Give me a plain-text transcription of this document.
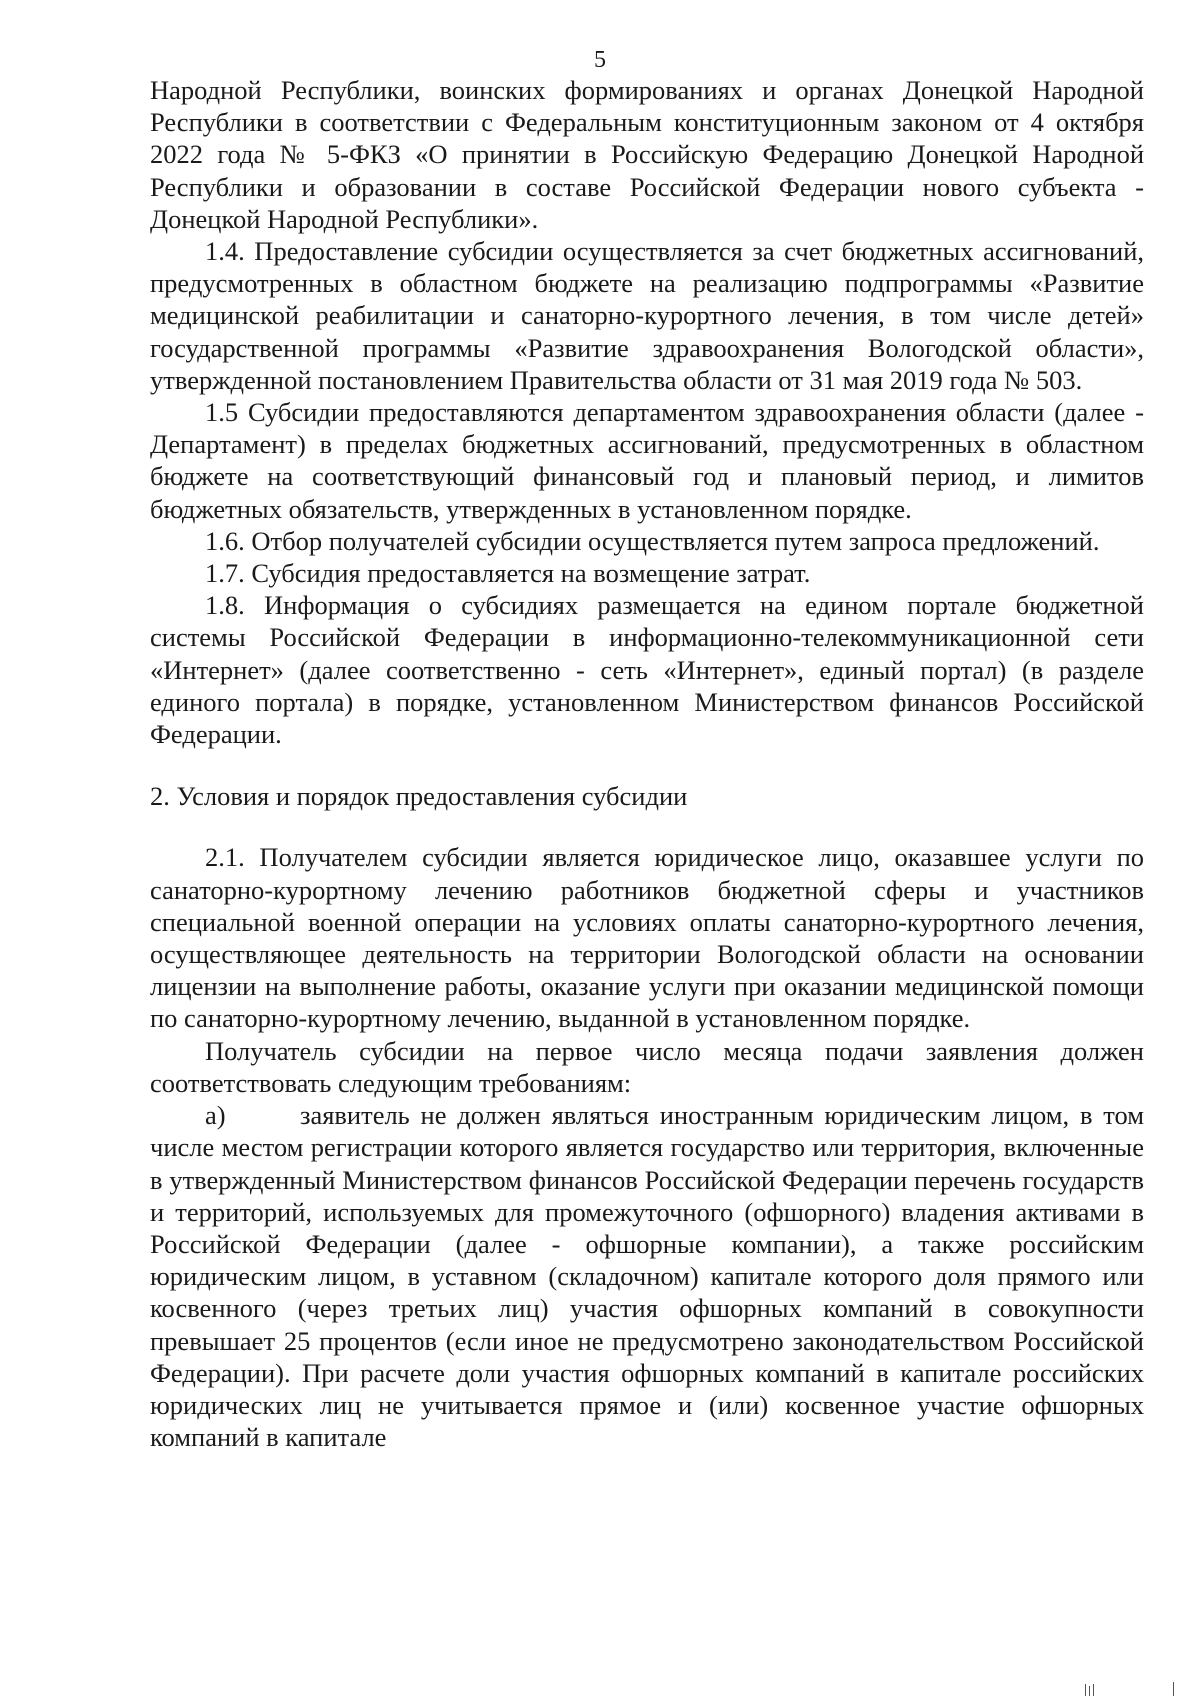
5

Народной Республики, воинских формированиях и органах Донецкой Народной Республики в соответствии с Федеральным конституционным законом от 4 октября 2022 года № 5-ФКЗ «О принятии в Российскую Федерацию Донецкой Народной Республики и образовании в составе Российской Федерации нового субъекта - Донецкой Народной Республики».

1.4. Предоставление субсидии осуществляется за счет бюджетных ассигнований, предусмотренных в областном бюджете на реализацию подпрограммы «Развитие медицинской реабилитации и санаторно-курортного лечения, в том числе детей» государственной программы «Развитие здравоохранения Вологодской области», утвержденной постановлением Правительства области от 31 мая 2019 года № 503.

1.5 Субсидии предоставляются департаментом здравоохранения области (далее - Департамент) в пределах бюджетных ассигнований, предусмотренных в областном бюджете на соответствующий финансовый год и плановый период, и лимитов бюджетных обязательств, утвержденных в установленном порядке.

1.6. Отбор получателей субсидии осуществляется путем запроса предложений.

1.7. Субсидия предоставляется на возмещение затрат.

1.8. Информация о субсидиях размещается на едином портале бюджетной системы Российской Федерации в информационно-телекоммуникационной сети «Интернет» (далее соответственно - сеть «Интернет», единый портал) (в разделе единого портала) в порядке, установленном Министерством финансов Российской Федерации.

2. Условия и порядок предоставления субсидии

2.1. Получателем субсидии является юридическое лицо, оказавшее услуги по санаторно-курортному лечению работников бюджетной сферы и участников специальной военной операции на условиях оплаты санаторно-курортного лечения, осуществляющее деятельность на территории Вологодской области на основании лицензии на выполнение работы, оказание услуги при оказании медицинской помощи по санаторно-курортному лечению, выданной в установленном порядке.

Получатель субсидии на первое число месяца подачи заявления должен соответствовать следующим требованиям:

а)	заявитель не должен являться иностранным юридическим лицом, в том числе местом регистрации которого является государство или территория, включенные в утвержденный Министерством финансов Российской Федерации перечень государств и территорий, используемых для промежуточного (офшорного) владения активами в Российской Федерации (далее - офшорные компании), а также российским юридическим лицом, в уставном (складочном) капитале которого доля прямого или косвенного (через третьих лиц) участия офшорных компаний в совокупности превышает 25 процентов (если иное не предусмотрено законодательством Российской Федерации). При расчете доли участия офшорных компаний в капитале российских юридических лиц не учитывается прямое и (или) косвенное участие офшорных компаний в капитале
